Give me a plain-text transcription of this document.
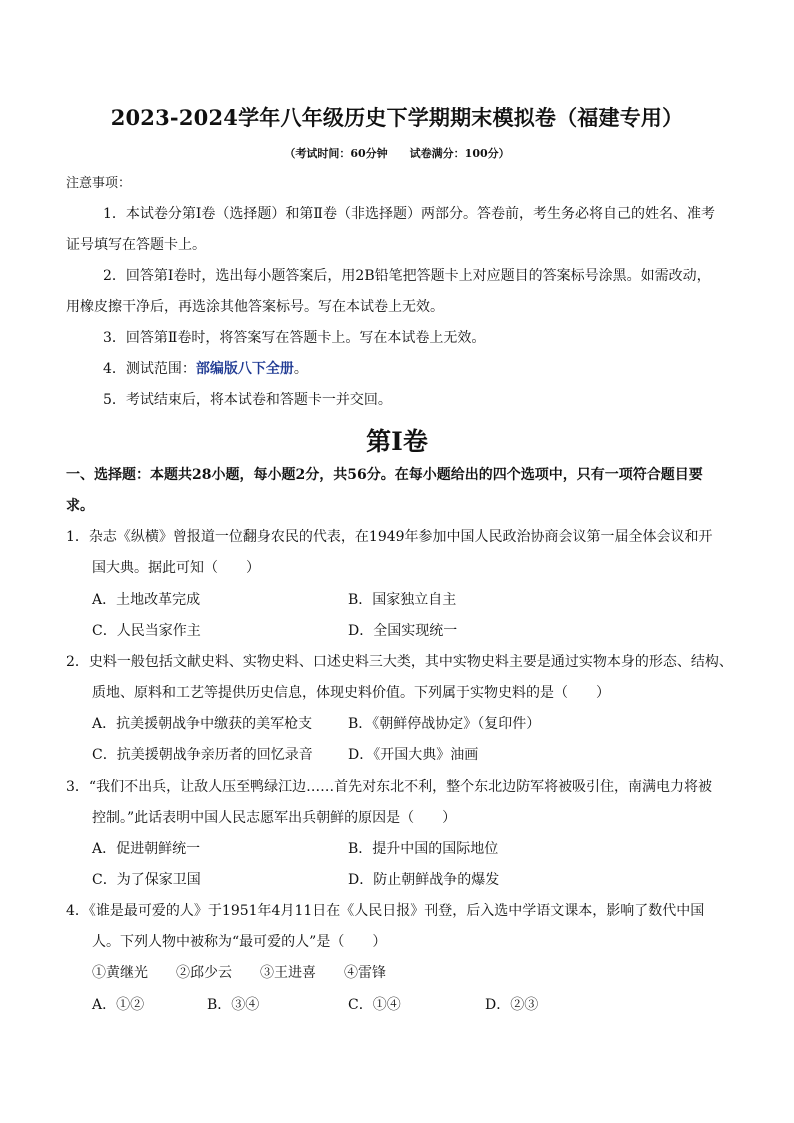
2023-2024学年八年级历史下学期期末模拟卷（福建专用）
（考试时间：60分钟　　试卷满分：100分）
注意事项：
1．本试卷分第Ⅰ卷（选择题）和第Ⅱ卷（非选择题）两部分。答卷前，考生务必将自己的姓名、准考
证号填写在答题卡上。
2．回答第Ⅰ卷时，选出每小题答案后，用2B铅笔把答题卡上对应题目的答案标号涂黑。如需改动，
用橡皮擦干净后，再选涂其他答案标号。写在本试卷上无效。
3．回答第Ⅱ卷时，将答案写在答题卡上。写在本试卷上无效。
4．测试范围：部编版八下全册。
5．考试结束后，将本试卷和答题卡一并交回。
第Ⅰ卷
一、选择题：本题共28小题，每小题2分，共56分。在每小题给出的四个选项中，只有一项符合题目要
求。
1．杂志《纵横》曾报道一位翻身农民的代表，在1949年参加中国人民政治协商会议第一届全体会议和开
国大典。据此可知（　　）
A．土地改革完成	B．国家独立自主
C．人民当家作主	D．全国实现统一
2．史料一般包括文献史料、实物史料、口述史料三大类，其中实物史料主要是通过实物本身的形态、结构、
质地、原料和工艺等提供历史信息，体现史料价值。下列属于实物史料的是（　　）
A．抗美援朝战争中缴获的美军枪支	B．《朝鲜停战协定》（复印件）
C．抗美援朝战争亲历者的回忆录音	D．《开国大典》油画
3．“我们不出兵，让敌人压至鸭绿江边……首先对东北不利，整个东北边防军将被吸引住，南满电力将被
控制。”此话表明中国人民志愿军出兵朝鲜的原因是（　　）
A．促进朝鲜统一	B．提升中国的国际地位
C．为了保家卫国	D．防止朝鲜战争的爆发
4．《谁是最可爱的人》于1951年4月11日在《人民日报》刊登，后入选中学语文课本，影响了数代中国
人。下列人物中被称为“最可爱的人”是（　　）
①黄继光　　②邱少云　　③王进喜　　④雷锋
A．①②	B．③④	C．①④	D．②③
